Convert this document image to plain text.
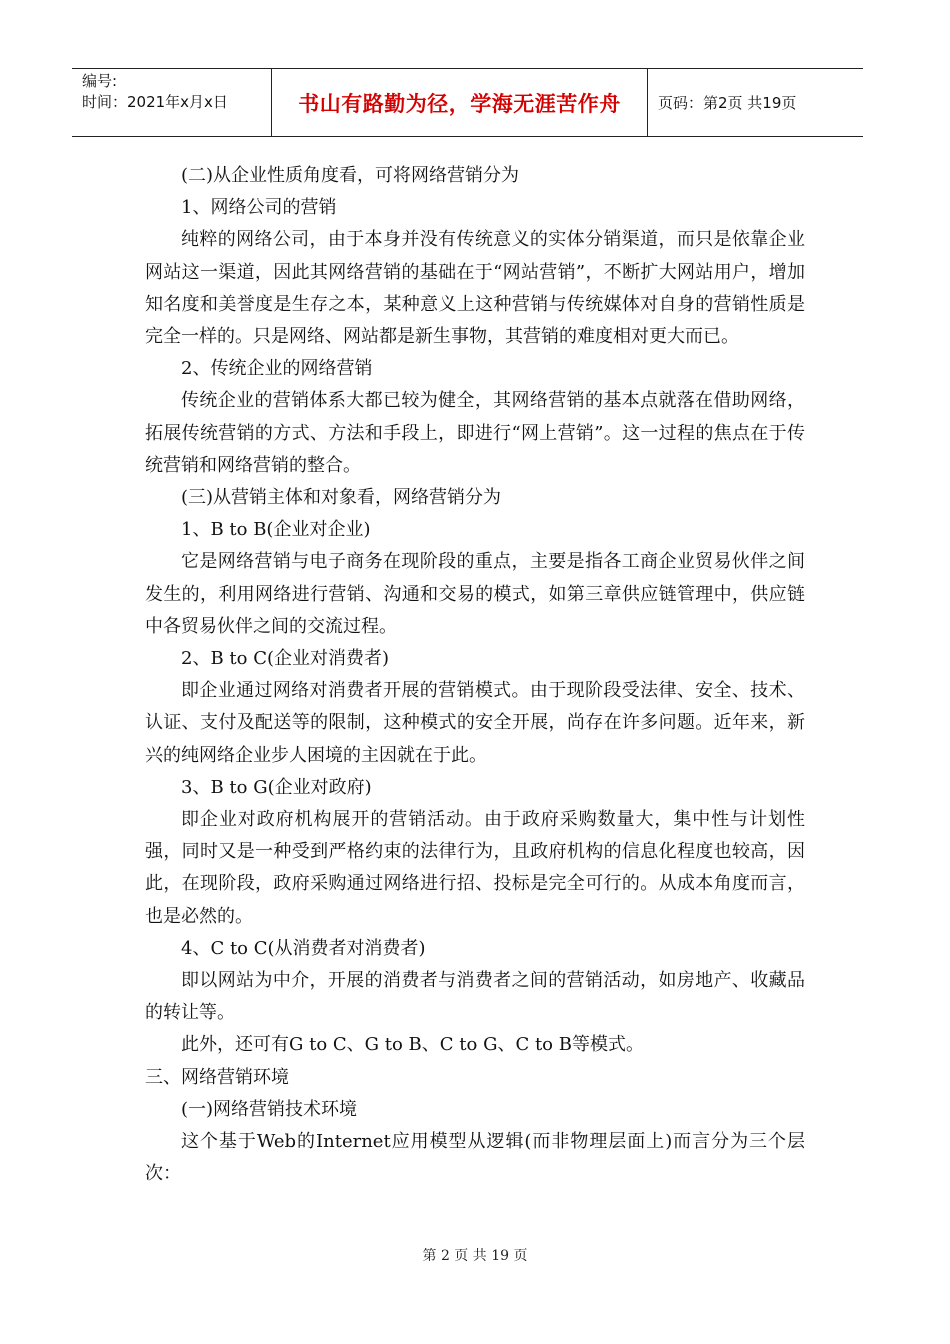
编号:
时间：2021年x月x日	书山有路勤为径，学海无涯苦作舟	页码：第2页 共19页

(二)从企业性质角度看，可将网络营销分为

1、网络公司的营销

纯粹的网络公司，由于本身并没有传统意义的实体分销渠道，而只是依靠企业网站这一渠道，因此其网络营销的基础在于“网站营销”，不断扩大网站用户，增加知名度和美誉度是生存之本，某种意义上这种营销与传统媒体对自身的营销性质是完全一样的。只是网络、网站都是新生事物，其营销的难度相对更大而已。

2、传统企业的网络营销

传统企业的营销体系大都已较为健全，其网络营销的基本点就落在借助网络，拓展传统营销的方式、方法和手段上，即进行“网上营销”。这一过程的焦点在于传统营销和网络营销的整合。

(三)从营销主体和对象看，网络营销分为

1、B to B(企业对企业)

它是网络营销与电子商务在现阶段的重点，主要是指各工商企业贸易伙伴之间发生的，利用网络进行营销、沟通和交易的模式，如第三章供应链管理中，供应链中各贸易伙伴之间的交流过程。

2、B to C(企业对消费者)

即企业通过网络对消费者开展的营销模式。由于现阶段受法律、安全、技术、认证、支付及配送等的限制，这种模式的安全开展，尚存在许多问题。近年来，新兴的纯网络企业步人困境的主因就在于此。

3、B to G(企业对政府)

即企业对政府机构展开的营销活动。由于政府采购数量大，集中性与计划性强，同时又是一种受到严格约束的法律行为，且政府机构的信息化程度也较高，因此，在现阶段，政府采购通过网络进行招、投标是完全可行的。从成本角度而言，也是必然的。

4、C to C(从消费者对消费者)

即以网站为中介，开展的消费者与消费者之间的营销活动，如房地产、收藏品的转让等。

此外，还可有G to C、G to B、C to G、C to B等模式。

三、网络营销环境

(一)网络营销技术环境

这个基于Web的Internet应用模型从逻辑(而非物理层面上)而言分为三个层次：

第 2 页 共 19 页
